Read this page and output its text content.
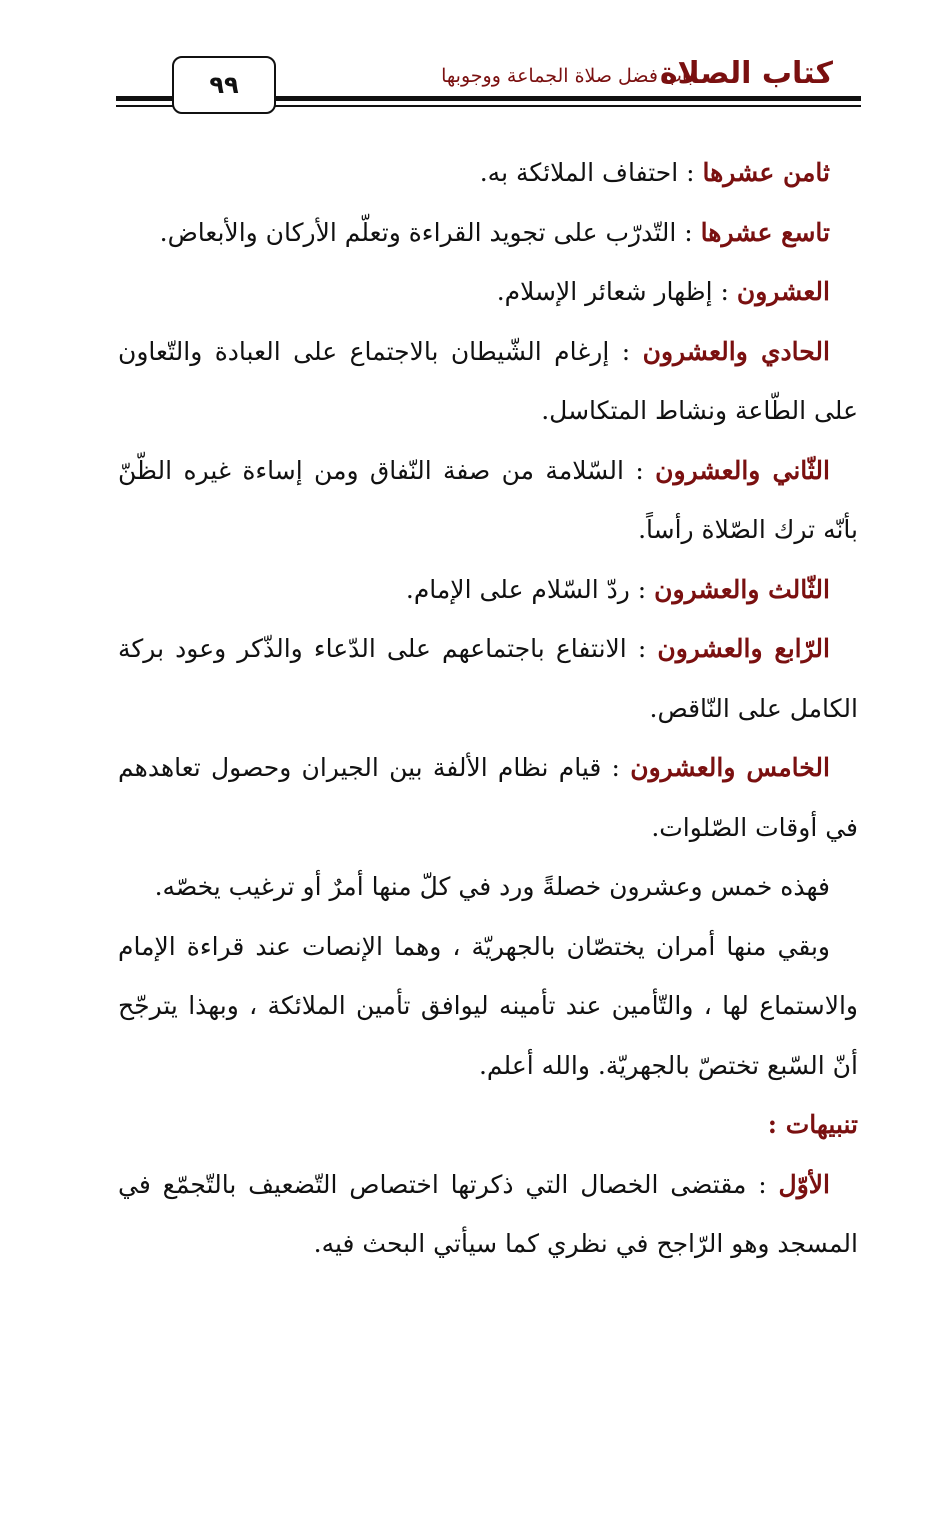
كتاب الصلاة
باب فضل صلاة الجماعة ووجوبها
٩٩

ثامن عشرها : احتفاف الملائكة به.

تاسع عشرها : التّدرّب على تجويد القراءة وتعلّم الأركان والأبعاض.

العشرون : إظهار شعائر الإسلام.

الحادي والعشرون : إرغام الشّيطان بالاجتماع على العبادة والتّعاون على الطّاعة ونشاط المتكاسل.

الثّاني والعشرون : السّلامة من صفة النّفاق ومن إساءة غيره الظّنّ بأنّه ترك الصّلاة رأساً.

الثّالث والعشرون : ردّ السّلام على الإمام.

الرّابع والعشرون : الانتفاع باجتماعهم على الدّعاء والذّكر وعود بركة الكامل على النّاقص.

الخامس والعشرون : قيام نظام الألفة بين الجيران وحصول تعاهدهم في أوقات الصّلوات.

فهذه خمس وعشرون خصلةً ورد في كلّ منها أمرٌ أو ترغيب يخصّه.

وبقي منها أمران يختصّان بالجهريّة ، وهما الإنصات عند قراءة الإمام والاستماع لها ، والتّأمين عند تأمينه ليوافق تأمين الملائكة ، وبهذا يترجّح أنّ السّبع تختصّ بالجهريّة. والله أعلم.

تنبيهات :

الأوّل : مقتضى الخصال التي ذكرتها اختصاص التّضعيف بالتّجمّع في المسجد وهو الرّاجح في نظري كما سيأتي البحث فيه.
